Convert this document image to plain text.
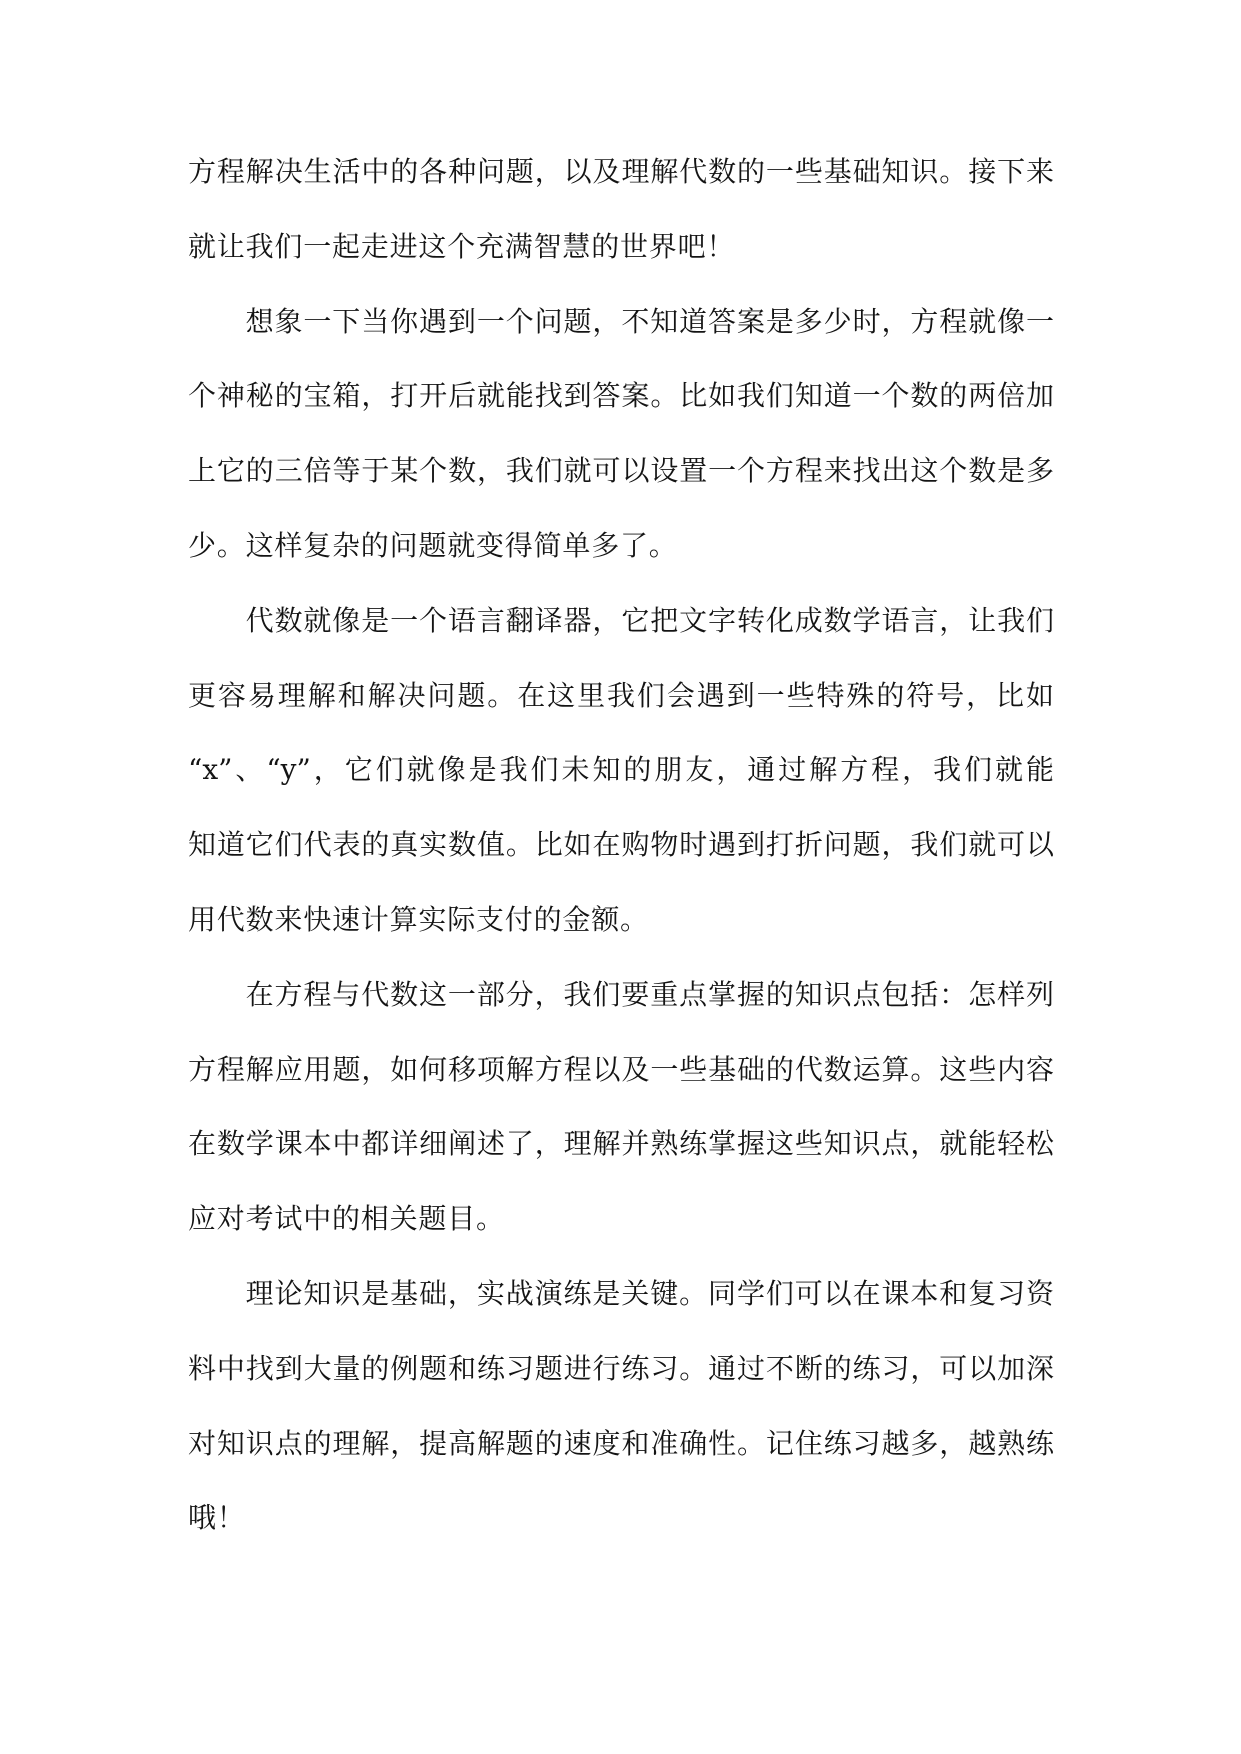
方程解决生活中的各种问题，以及理解代数的一些基础知识。接下来
就让我们一起走进这个充满智慧的世界吧！
想象一下当你遇到一个问题，不知道答案是多少时，方程就像一
个神秘的宝箱，打开后就能找到答案。比如我们知道一个数的两倍加
上它的三倍等于某个数，我们就可以设置一个方程来找出这个数是多
少。这样复杂的问题就变得简单多了。
代数就像是一个语言翻译器，它把文字转化成数学语言，让我们
更容易理解和解决问题。在这里我们会遇到一些特殊的符号，比如
“x”、“y”，它们就像是我们未知的朋友，通过解方程，我们就能
知道它们代表的真实数值。比如在购物时遇到打折问题，我们就可以
用代数来快速计算实际支付的金额。
在方程与代数这一部分，我们要重点掌握的知识点包括：怎样列
方程解应用题，如何移项解方程以及一些基础的代数运算。这些内容
在数学课本中都详细阐述了，理解并熟练掌握这些知识点，就能轻松
应对考试中的相关题目。
理论知识是基础，实战演练是关键。同学们可以在课本和复习资
料中找到大量的例题和练习题进行练习。通过不断的练习，可以加深
对知识点的理解，提高解题的速度和准确性。记住练习越多，越熟练
哦！
